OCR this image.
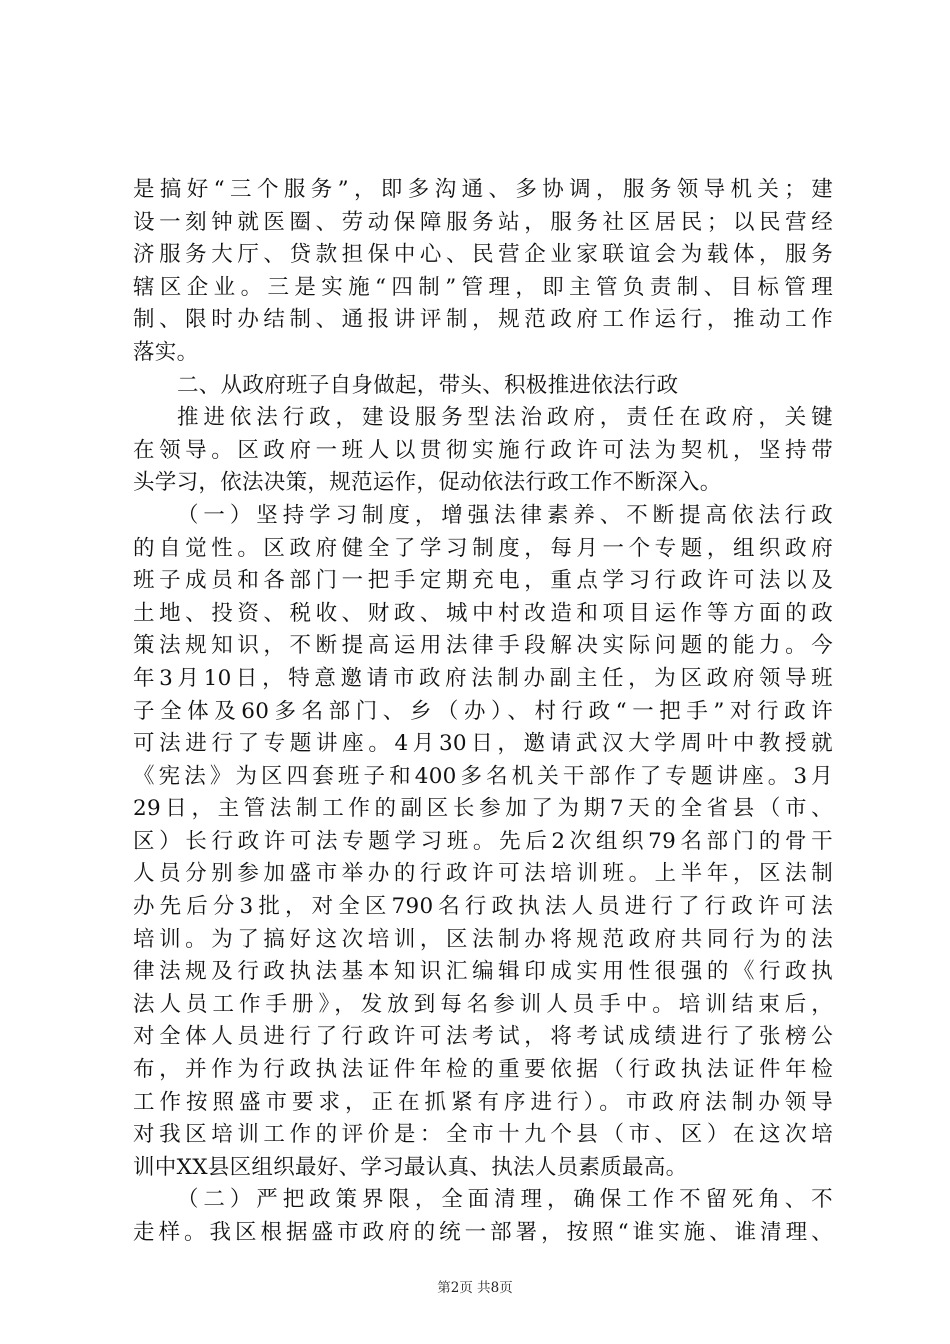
是搞好“三个服务”，即多沟通、多协调，服务领导机关；建
设一刻钟就医圈、劳动保障服务站，服务社区居民；以民营经
济服务大厅、贷款担保中心、民营企业家联谊会为载体，服务
辖区企业。三是实施“四制”管理，即主管负责制、目标管理
制、限时办结制、通报讲评制，规范政府工作运行，推动工作
落实。
二、从政府班子自身做起，带头、积极推进依法行政
推进依法行政，建设服务型法治政府，责任在政府，关键
在领导。区政府一班人以贯彻实施行政许可法为契机，坚持带
头学习，依法决策，规范运作，促动依法行政工作不断深入。
（一）坚持学习制度，增强法律素养、不断提高依法行政
的自觉性。区政府健全了学习制度，每月一个专题，组织政府
班子成员和各部门一把手定期充电，重点学习行政许可法以及
土地、投资、税收、财政、城中村改造和项目运作等方面的政
策法规知识，不断提高运用法律手段解决实际问题的能力。今
年3月10日，特意邀请市政府法制办副主任，为区政府领导班
子全体及60多名部门、乡（办）、村行政“一把手”对行政许
可法进行了专题讲座。4月30日，邀请武汉大学周叶中教授就
《宪法》为区四套班子和400多名机关干部作了专题讲座。3月
29日，主管法制工作的副区长参加了为期7天的全省县（市、
区）长行政许可法专题学习班。先后2次组织79名部门的骨干
人员分别参加盛市举办的行政许可法培训班。上半年，区法制
办先后分3批，对全区790名行政执法人员进行了行政许可法
培训。为了搞好这次培训，区法制办将规范政府共同行为的法
律法规及行政执法基本知识汇编辑印成实用性很强的《行政执
法人员工作手册》，发放到每名参训人员手中。培训结束后，
对全体人员进行了行政许可法考试，将考试成绩进行了张榜公
布，并作为行政执法证件年检的重要依据（行政执法证件年检
工作按照盛市要求，正在抓紧有序进行）。市政府法制办领导
对我区培训工作的评价是：全市十九个县（市、区）在这次培
训中XX县区组织最好、学习最认真、执法人员素质最高。
（二）严把政策界限，全面清理，确保工作不留死角、不
走样。我区根据盛市政府的统一部署，按照“谁实施、谁清理、
第2页 共8页
